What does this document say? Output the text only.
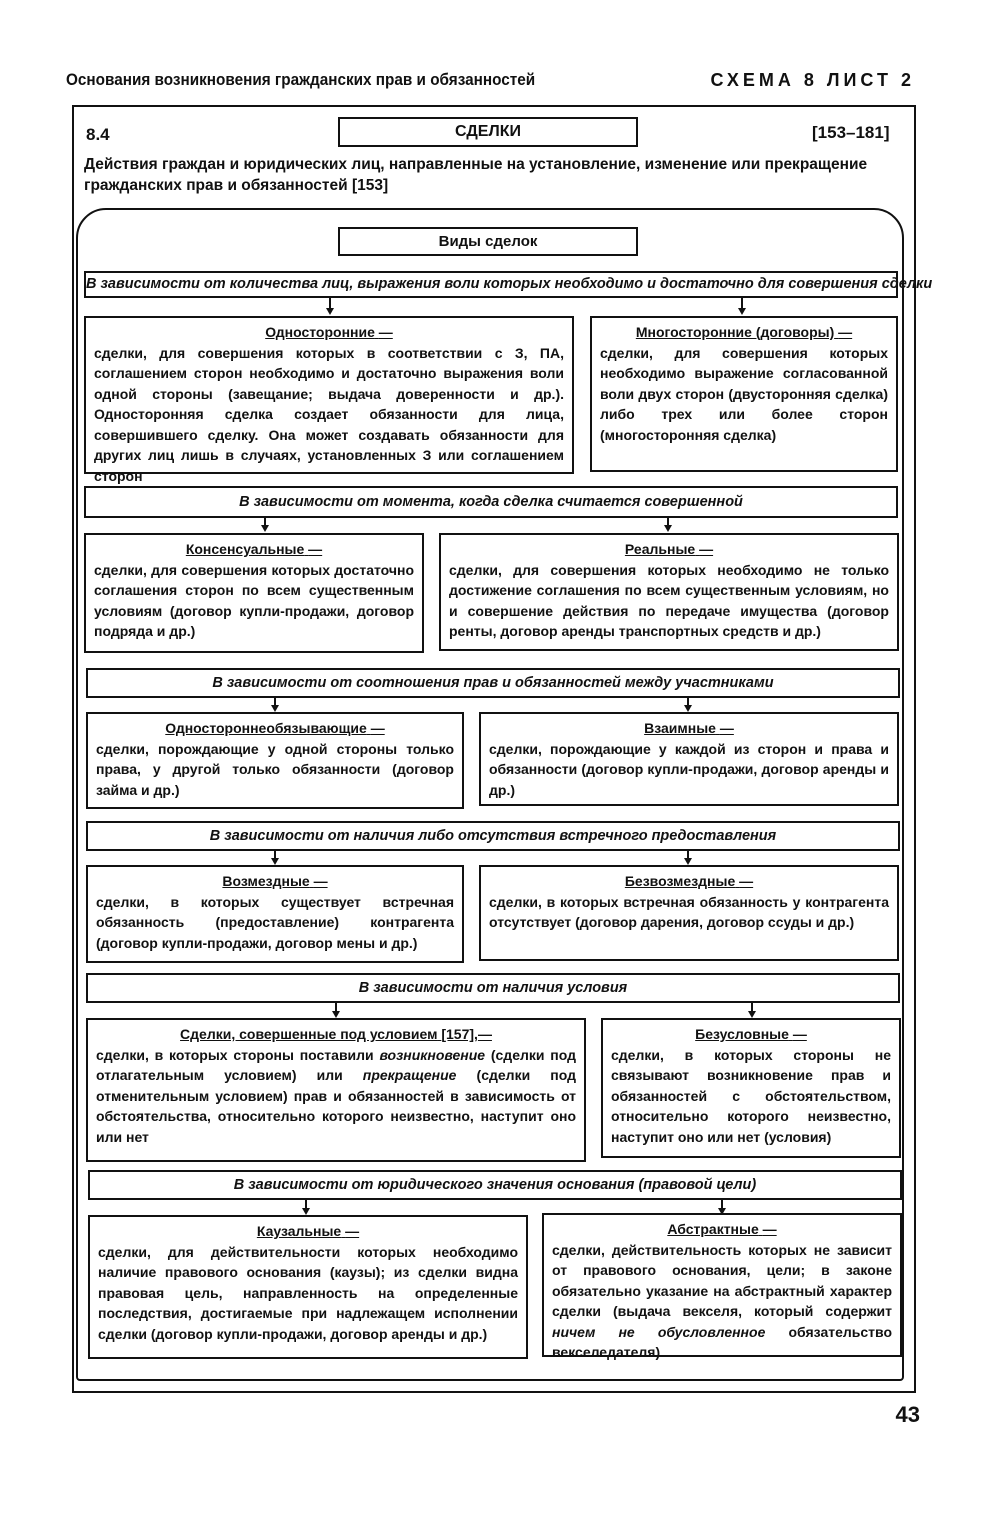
Основания возникновения гражданских прав и обязанностей	СХЕМА 8 ЛИСТ 2
8.4	СДЕЛКИ	[153–181]
Действия граждан и юридических лиц, направленные на установление, изменение или прекращение гражданских прав и обязанностей [153]
Виды сделок
В зависимости от количества лиц, выражения воли которых необходимо и достаточно для совершения сделки
Односторонние —
сделки, для совершения которых в соответствии с З, ПА, соглашением сторон необходимо и достаточно выражения воли одной стороны (завещание; выдача доверенности и др.). Односторонняя сделка создает обязанности для лица, совершившего сделку. Она может создавать обязанности для других лиц лишь в случаях, установленных З или соглашением сторон
Многосторонние (договоры) —
сделки, для совершения которых необходимо выражение согласованной воли двух сторон (двусторонняя сделка) либо трех или более сторон (многосторонняя сделка)
В зависимости от момента, когда сделка считается совершенной
Консенсуальные —
сделки, для совершения которых достаточно соглашения сторон по всем существенным условиям (договор купли-продажи, договор подряда и др.)
Реальные —
сделки, для совершения которых необходимо не только достижение соглашения по всем существенным условиям, но и совершение действия по передаче имущества (договор ренты, договор аренды транспортных средств и др.)
В зависимости от соотношения прав и обязанностей между участниками
Одностороннеобязывающие —
сделки, порождающие у одной стороны только права, у другой только обязанности (договор займа и др.)
Взаимные —
сделки, порождающие у каждой из сторон и права и обязанности (договор купли-продажи, договор аренды и др.)
В зависимости от наличия либо отсутствия встречного предоставления
Возмездные —
сделки, в которых существует встречная обязанность (предоставление) контрагента (договор купли-продажи, договор мены и др.)
Безвозмездные —
сделки, в которых встречная обязанность у контрагента отсутствует (договор дарения, договор ссуды и др.)
В зависимости от наличия условия
Сделки, совершенные под условием [157],—
сделки, в которых стороны поставили возникновение (сделки под отлагательным условием) или прекращение (сделки под отменительным условием) прав и обязанностей в зависимость от обстоятельства, относительно которого неизвестно, наступит оно или нет
Безусловные —
сделки, в которых стороны не связывают возникновение прав и обязанностей с обстоятельством, относительно которого неизвестно, наступит оно или нет (условия)
В зависимости от юридического значения основания (правовой цели)
Каузальные —
сделки, для действительности которых необходимо наличие правового основания (каузы); из сделки видна правовая цель, направленность на определенные последствия, достигаемые при надлежащем исполнении сделки (договор купли-продажи, договор аренды и др.)
Абстрактные —
сделки, действительность которых не зависит от правового основания, цели; в законе обязательно указание на абстрактный характер сделки (выдача векселя, который содержит ничем не обусловленное обязательство векселедателя)
43
